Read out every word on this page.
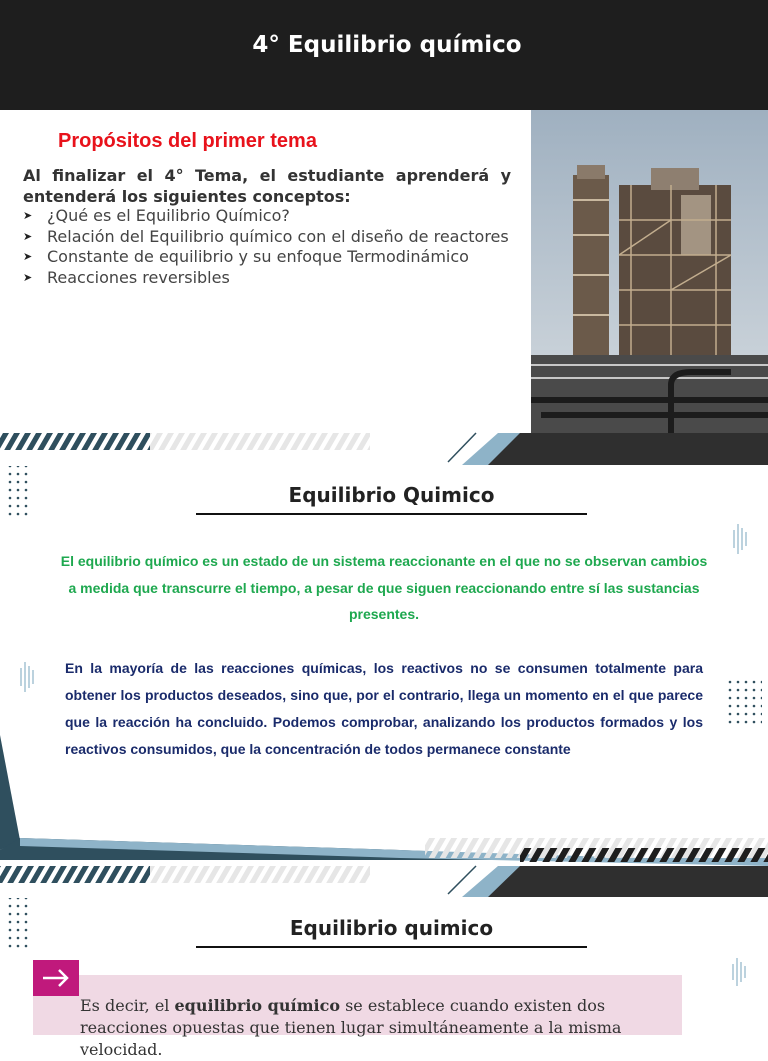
4° Equilibrio químico
Propósitos del primer tema
Al finalizar el 4° Tema, el estudiante aprenderá y entenderá los siguientes conceptos:
➤ ¿Qué es el Equilibrio Químico?
➤ Relación del Equilibrio químico con el diseño de reactores
➤ Constante de equilibrio y su enfoque Termodinámico
➤ Reacciones reversibles
Equilibrio Quimico
El equilibrio químico es un estado de un sistema reaccionante en el que no se observan cambios a medida que transcurre el tiempo, a pesar de que siguen reaccionando entre sí las sustancias presentes.
En la mayoría de las reacciones químicas, los reactivos no se consumen totalmente para obtener los productos deseados, sino que, por el contrario, llega un momento en el que parece que la reacción ha concluido. Podemos comprobar, analizando los productos formados y los reactivos consumidos, que la concentración de todos permanece constante
Equilibrio quimico
Es decir, el equilibrio químico se establece cuando existen dos reacciones opuestas que tienen lugar simultáneamente a la misma velocidad.
